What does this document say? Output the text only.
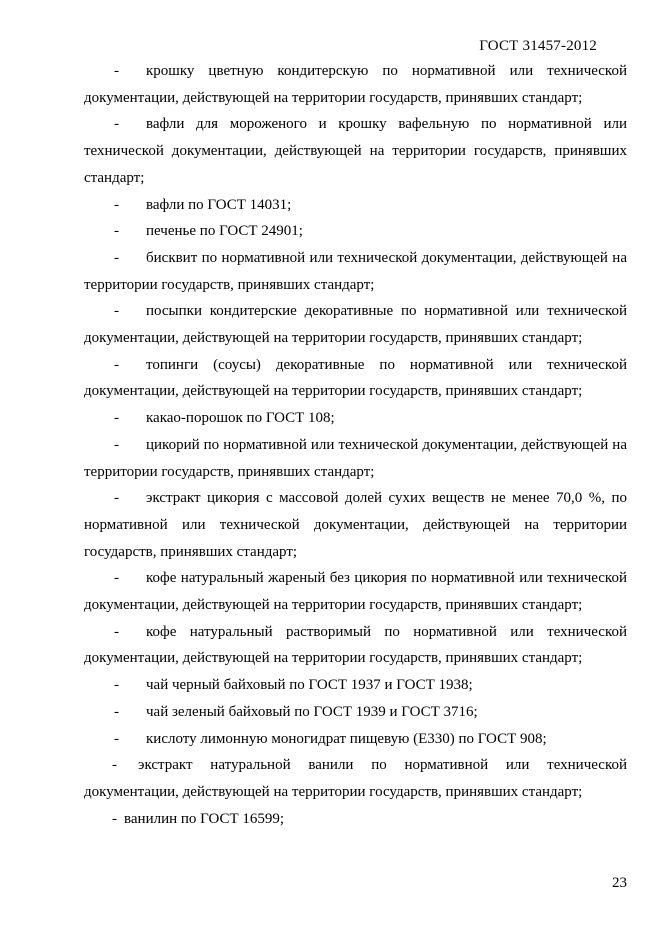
ГОСТ 31457-2012

- крошку цветную кондитерскую по нормативной или технической документации, действующей на территории государств, принявших стандарт;

- вафли для мороженого и крошку вафельную по нормативной или технической документации, действующей на территории государств, принявших стандарт;

- вафли по ГОСТ 14031;

- печенье по ГОСТ 24901;

- бисквит по нормативной или технической документации, действующей на территории государств, принявших стандарт;

- посыпки кондитерские декоративные по нормативной или технической документации, действующей на территории государств, принявших стандарт;

- топинги (соусы) декоративные по нормативной или технической документации, действующей на территории государств, принявших стандарт;

- какао-порошок по ГОСТ 108;

- цикорий по нормативной или технической документации, действующей на территории государств, принявших стандарт;

- экстракт цикория с массовой долей сухих веществ не менее 70,0 %, по нормативной или технической документации, действующей на территории государств, принявших стандарт;

- кофе натуральный жареный без цикория по нормативной или технической документации, действующей на территории государств, принявших стандарт;

- кофе натуральный растворимый по нормативной или технической документации, действующей на территории государств, принявших стандарт;

- чай черный байховый по ГОСТ 1937 и ГОСТ 1938;

- чай зеленый байховый по ГОСТ 1939 и ГОСТ 3716;

- кислоту лимонную моногидрат пищевую (Е330) по ГОСТ 908;

- экстракт натуральной ванили по нормативной или технической документации, действующей на территории государств, принявших стандарт;

- ванилин по ГОСТ 16599;

23
